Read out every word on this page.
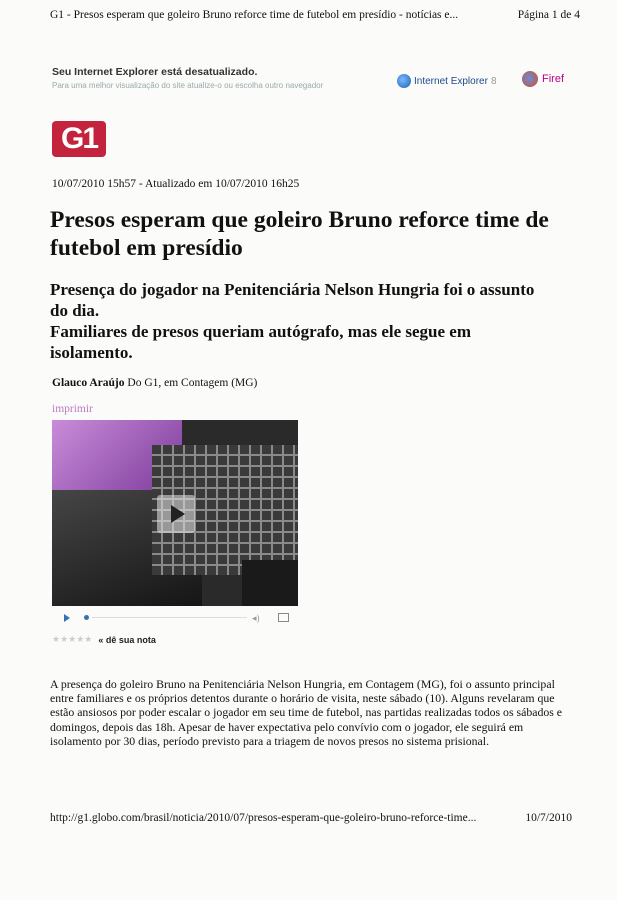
G1 - Presos esperam que goleiro Bruno reforce time de futebol em presídio - notícias e...	Página 1 de 4
Seu Internet Explorer está desatualizado.
Para uma melhor visualização do site atualize-o ou escolha outro navegador	Internet Explorer 8	Firef
G1
10/07/2010 15h57 - Atualizado em 10/07/2010 16h25
Presos esperam que goleiro Bruno reforce time de futebol em presídio
Presença do jogador na Penitenciária Nelson Hungria foi o assunto do dia.
Familiares de presos queriam autógrafo, mas ele segue em isolamento.
Glauco Araújo Do G1, em Contagem (MG)
imprimir
◂)
★★★★★ « dê sua nota

A presença do goleiro Bruno na Penitenciária Nelson Hungria, em Contagem (MG), foi o assunto principal entre familiares e os próprios detentos durante o horário de visita, neste sábado (10). Alguns revelaram que estão ansiosos por poder escalar o jogador em seu time de futebol, nas partidas realizadas todos os sábados e domingos, depois das 18h. Apesar de haver expectativa pelo convívio com o jogador, ele seguirá em isolamento por 30 dias, período previsto para a triagem de novos presos no sistema prisional.

http://g1.globo.com/brasil/noticia/2010/07/presos-esperam-que-goleiro-bruno-reforce-time...	10/7/2010
